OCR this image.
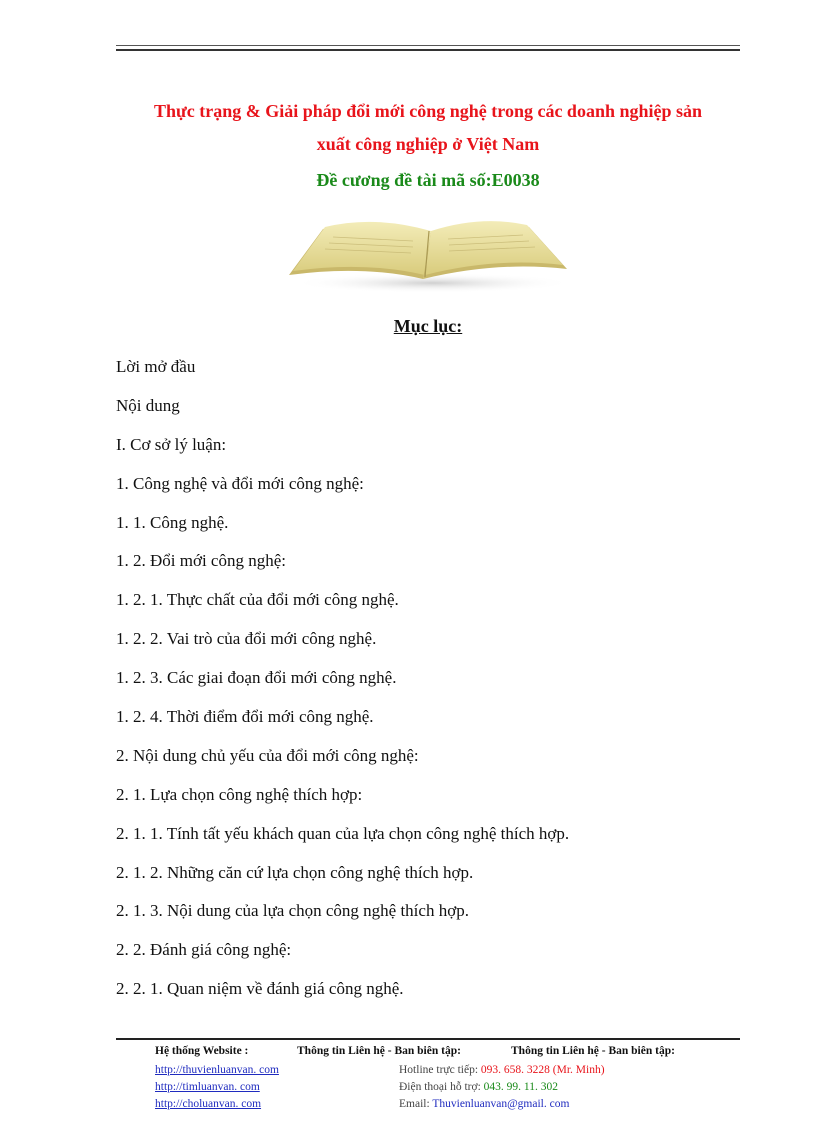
Thực trạng & Giải pháp đổi mới công nghệ trong các doanh nghiệp sản
xuất công nghiệp ở Việt Nam
Đề cương đề tài mã số:E0038
Mục lục:
Lời mở đầu
Nội dung
I. Cơ sở lý luận:
1. Công nghệ và đổi mới công nghệ:
1. 1. Công nghệ.
1. 2. Đổi mới công nghệ:
1. 2. 1. Thực chất của đổi mới công nghệ.
1. 2. 2. Vai trò của đổi mới công nghệ.
1. 2. 3. Các giai đoạn đổi mới công nghệ.
1. 2. 4. Thời điểm đổi mới công nghệ.
2. Nội dung chủ yếu của đổi mới công nghệ:
2. 1. Lựa chọn công nghệ thích hợp:
2. 1. 1. Tính tất yếu khách quan của lựa chọn công nghệ thích hợp.
2. 1. 2. Những căn cứ lựa chọn công nghệ thích hợp.
2. 1. 3. Nội dung của lựa chọn công nghệ thích hợp.
2. 2. Đánh giá công nghệ:
2. 2. 1. Quan niệm về đánh giá công nghệ.
Hệ thống Website :
http://thuvienluanvan. com
http://timluanvan. com
http://choluanvan. com
Thông tin Liên hệ - Ban biên tập:
Hotline trực tiếp: 093. 658. 3228 (Mr. Minh)
Điện thoại hỗ trợ: 043. 99. 11. 302
Email: Thuvienluanvan@gmail. com
Thông tin Liên hệ - Ban biên tập:
